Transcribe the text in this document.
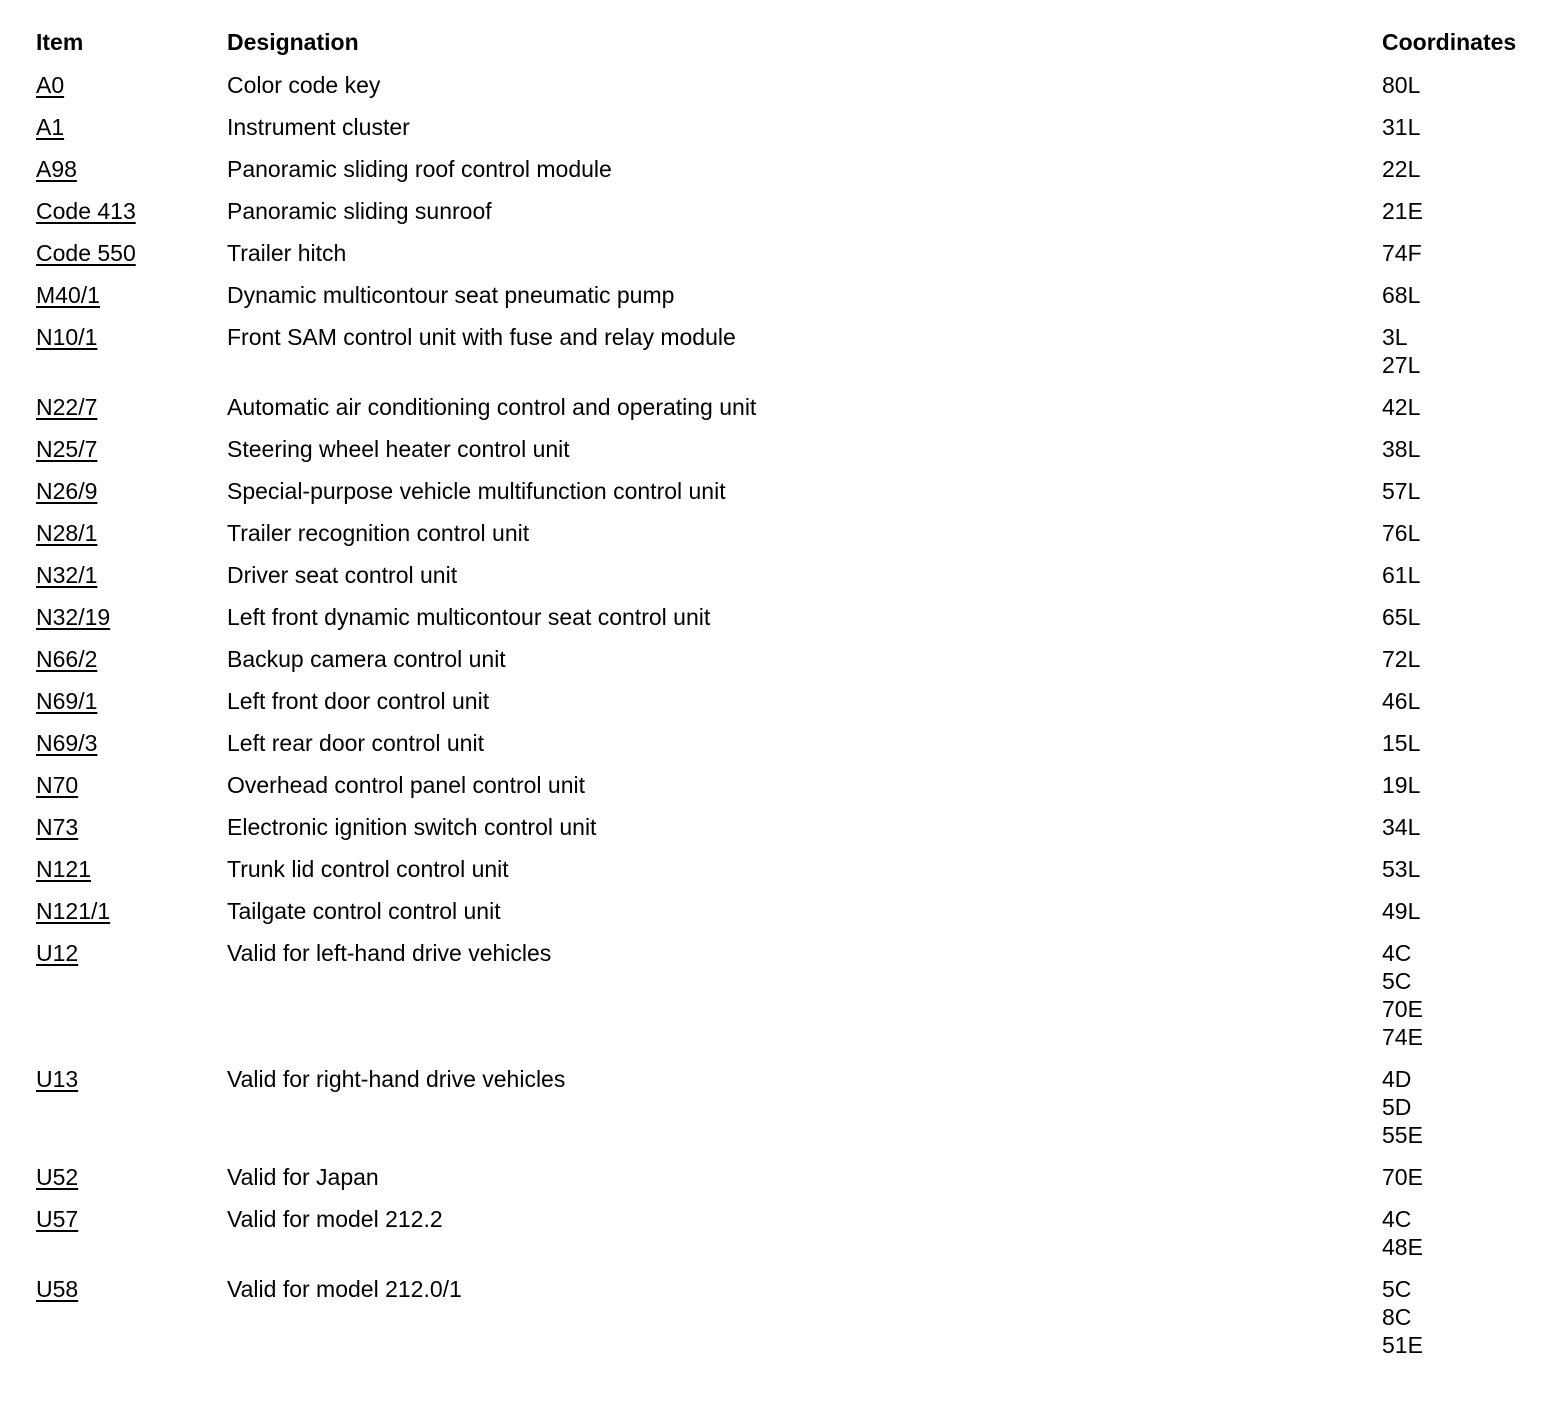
Item	Designation	Coordinates
A0	Color code key	80L

A1	Instrument cluster	31L

A98	Panoramic sliding roof control module	22L

Code 413	Panoramic sliding sunroof	21E

Code 550	Trailer hitch	74F

M40/1	Dynamic multicontour seat pneumatic pump	68L

N10/1	Front SAM control unit with fuse and relay module	3L
27L

N22/7	Automatic air conditioning control and operating unit	42L

N25/7	Steering wheel heater control unit	38L

N26/9	Special-purpose vehicle multifunction control unit	57L

N28/1	Trailer recognition control unit	76L

N32/1	Driver seat control unit	61L

N32/19	Left front dynamic multicontour seat control unit	65L

N66/2	Backup camera control unit	72L

N69/1	Left front door control unit	46L

N69/3	Left rear door control unit	15L

N70	Overhead control panel control unit	19L

N73	Electronic ignition switch control unit	34L

N121	Trunk lid control control unit	53L

N121/1	Tailgate control control unit	49L

U12	Valid for left-hand drive vehicles	4C
5C
70E
74E

U13	Valid for right-hand drive vehicles	4D
5D
55E

U52	Valid for Japan	70E

U57	Valid for model 212.2	4C
48E

U58	Valid for model 212.0/1	5C
8C
51E
